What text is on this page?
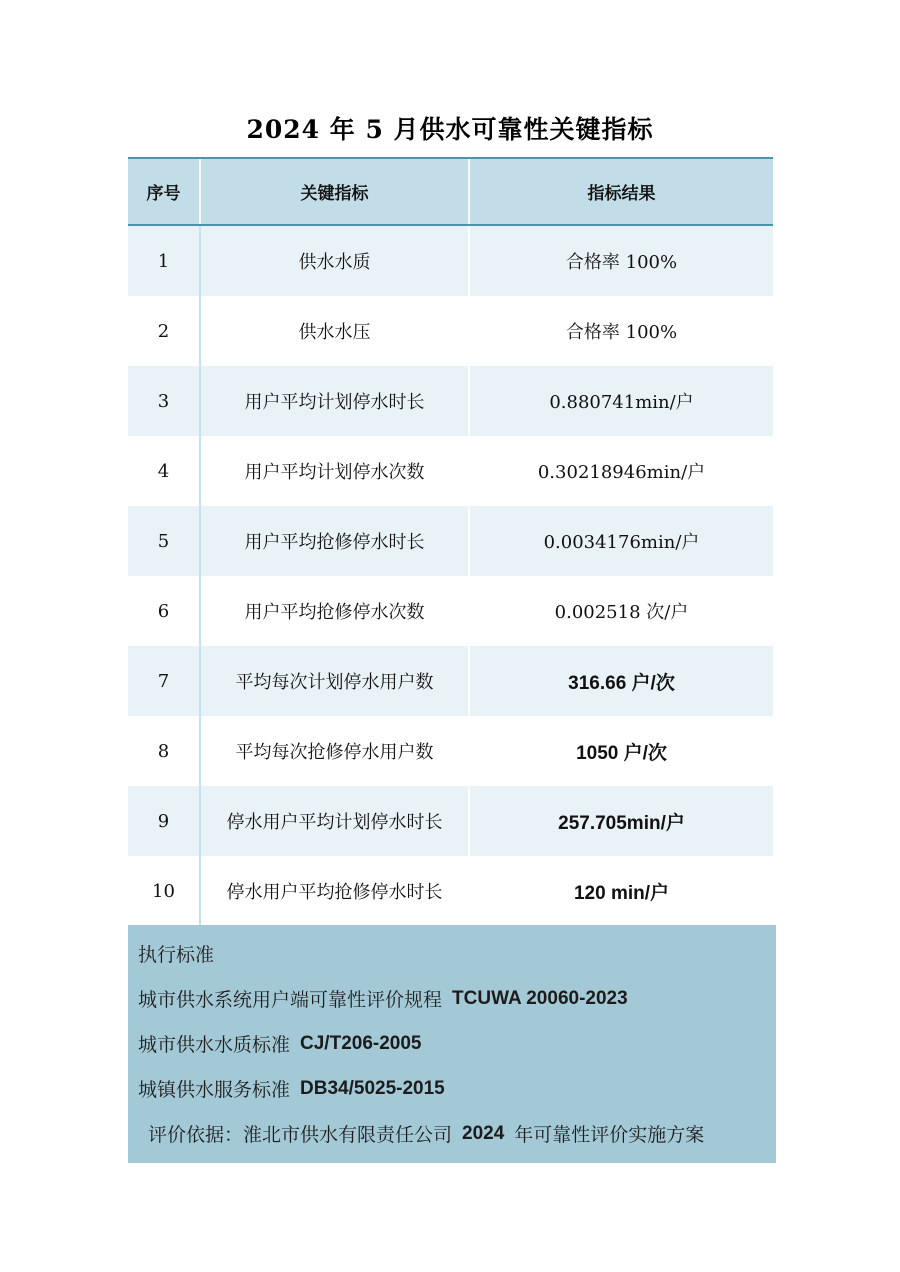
2024 年 5 月供水可靠性关键指标
序号	关键指标	指标结果
1	供水水质	合格率 100%
2	供水水压	合格率 100%
3	用户平均计划停水时长	0.880741min/户
4	用户平均计划停水次数	0.30218946min/户
5	用户平均抢修停水时长	0.0034176min/户
6	用户平均抢修停水次数	0.002518 次/户
7	平均每次计划停水用户数	316.66 户/次
8	平均每次抢修停水用户数	1050 户/次
9	停水用户平均计划停水时长	257.705min/户
10	停水用户平均抢修停水时长	120 min/户
执行标准
城市供水系统用户端可靠性评价规程 TCUWA 20060-2023
城市供水水质标准 CJ/T206-2005
城镇供水服务标准 DB34/5025-2015
评价依据：淮北市供水有限责任公司 2024 年可靠性评价实施方案
